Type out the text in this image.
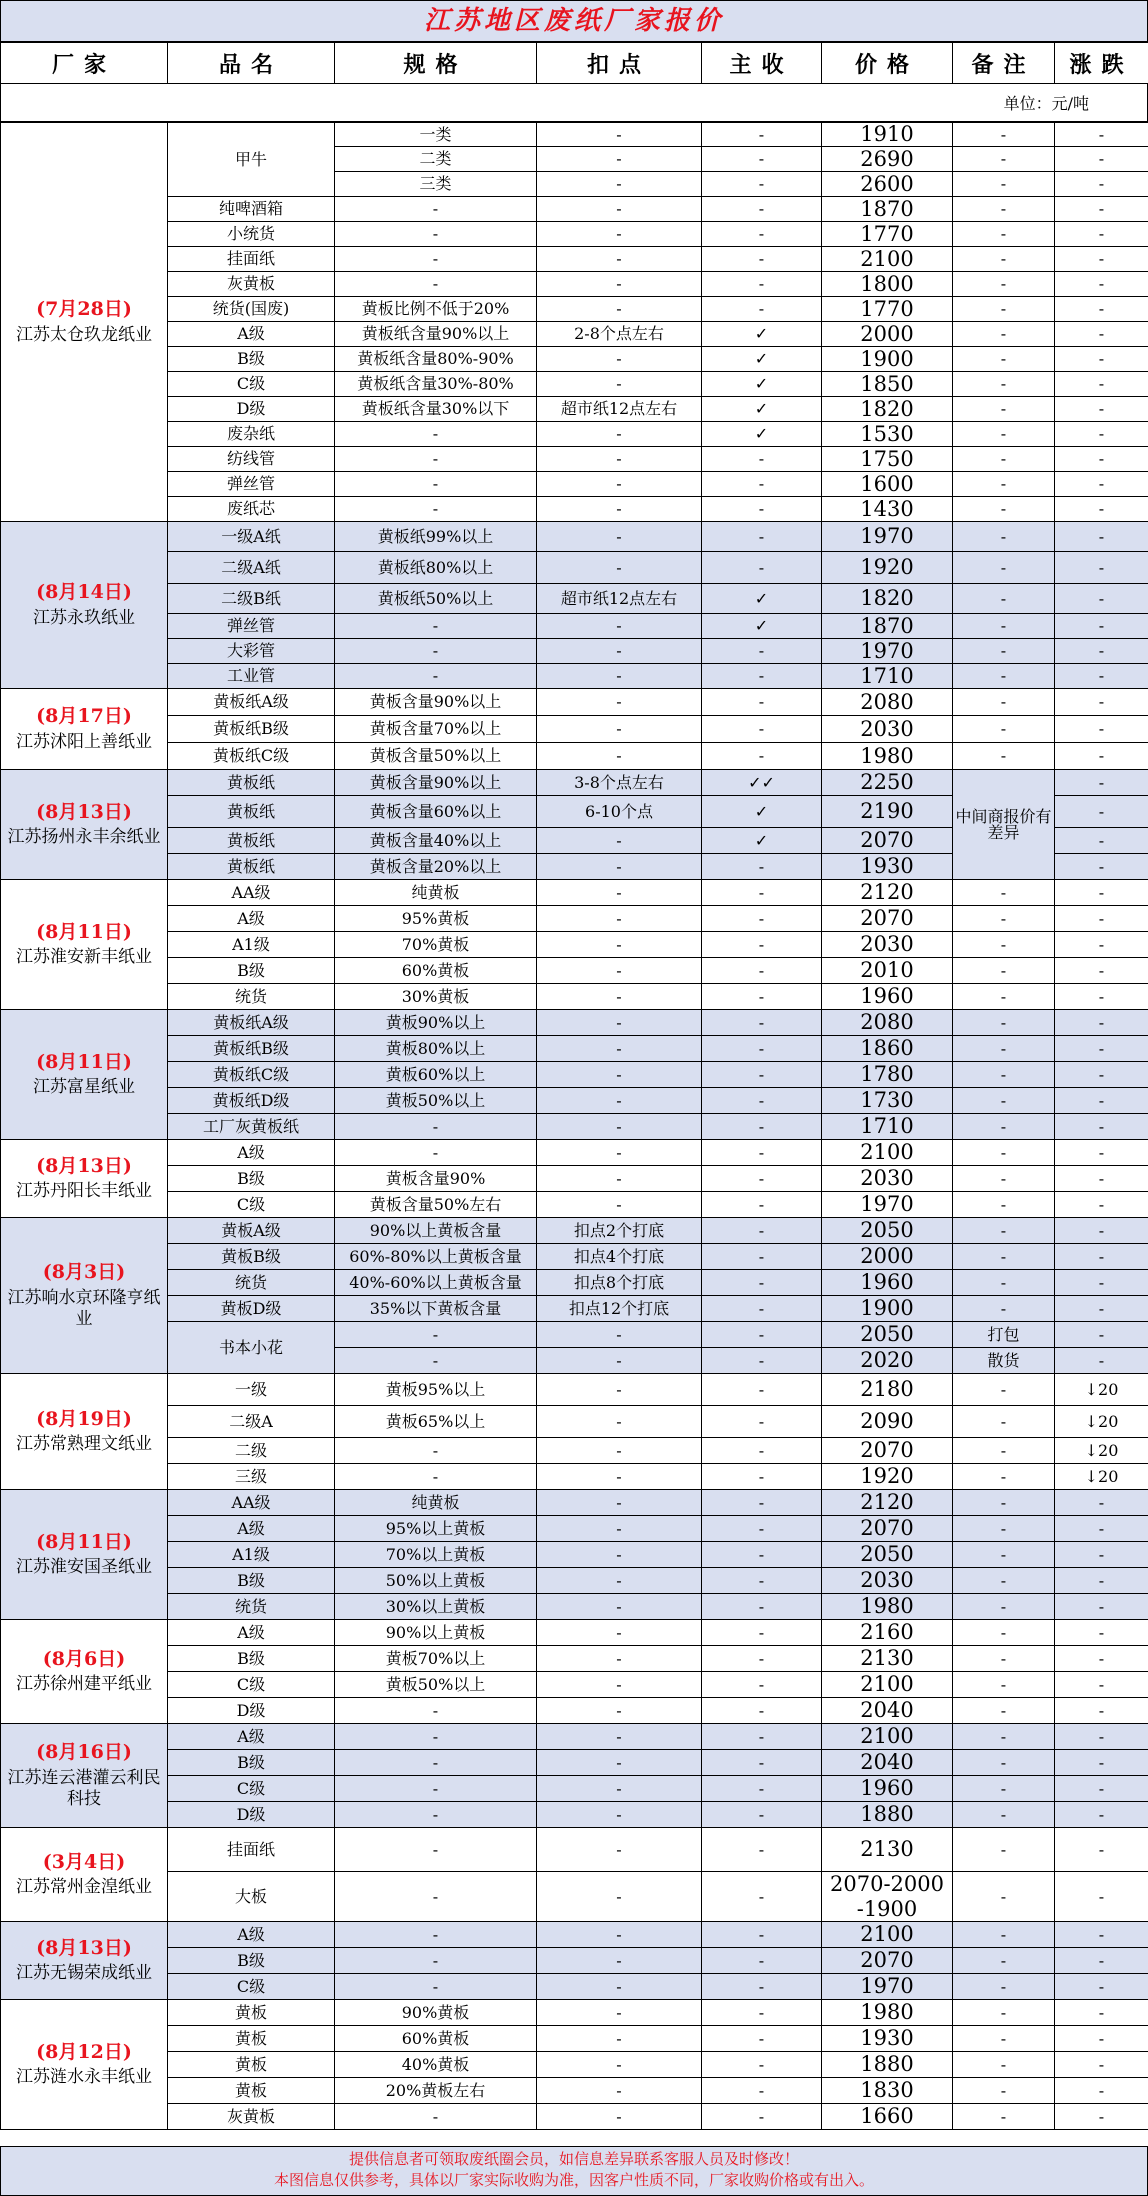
江苏地区废纸厂家报价
厂家	品名	规格	扣点	主收	价格	备注	涨跌
单位：元/吨
(7月28日)
江苏太仓玖龙纸业	甲牛	一类	-	-	1910	-	-
		二类	-	-	2690	-	-
		三类	-	-	2600	-	-
	纯啤酒箱	-	-	-	1870	-	-
	小统货	-	-	-	1770	-	-
	挂面纸	-	-	-	2100	-	-
	灰黄板	-	-	-	1800	-	-
	统货(国废)	黄板比例不低于20%	-	-	1770	-	-
	A级	黄板纸含量90%以上	2-8个点左右	✓	2000	-	-
	B级	黄板纸含量80%-90%	-	✓	1900	-	-
	C级	黄板纸含量30%-80%	-	✓	1850	-	-
	D级	黄板纸含量30%以下	超市纸12点左右	✓	1820	-	-
	废杂纸	-	-	✓	1530	-	-
	纺线管	-	-	-	1750	-	-
	弹丝管	-	-	-	1600	-	-
	废纸芯	-	-	-	1430	-	-

(8月14日)
江苏永玖纸业	一级A纸	黄板纸99%以上	-	-	1970	-	-
	二级A纸	黄板纸80%以上	-	-	1920	-	-
	二级B纸	黄板纸50%以上	超市纸12点左右	✓	1820	-	-
	弹丝管	-	-	✓	1870	-	-
	大彩管	-	-	-	1970	-	-
	工业管	-	-	-	1710	-	-

(8月17日)
江苏沭阳上善纸业	黄板纸A级	黄板含量90%以上	-	-	2080	-	-
	黄板纸B级	黄板含量70%以上	-	-	2030	-	-
	黄板纸C级	黄板含量50%以上	-	-	1980	-	-

(8月13日)
江苏扬州永丰余纸业	黄板纸	黄板含量90%以上	3-8个点左右	✓✓	2250	中间商报价有差异	-
	黄板纸	黄板含量60%以上	6-10个点	✓	2190		-
	黄板纸	黄板含量40%以上	-	✓	2070		-
	黄板纸	黄板含量20%以上	-	-	1930		-

(8月11日)
江苏淮安新丰纸业	AA级	纯黄板	-	-	2120	-	-
	A级	95%黄板	-	-	2070	-	-
	A1级	70%黄板	-	-	2030	-	-
	B级	60%黄板	-	-	2010	-	-
	统货	30%黄板	-	-	1960	-	-

(8月11日)
江苏富星纸业	黄板纸A级	黄板90%以上	-	-	2080	-	-
	黄板纸B级	黄板80%以上	-	-	1860	-	-
	黄板纸C级	黄板60%以上	-	-	1780	-	-
	黄板纸D级	黄板50%以上	-	-	1730	-	-
	工厂灰黄板纸	-	-	-	1710	-	-

(8月13日)
江苏丹阳长丰纸业	A级	-	-	-	2100	-	-
	B级	黄板含量90%	-	-	2030	-	-
	C级	黄板含量50%左右	-	-	1970	-	-

(8月3日)
江苏响水京环隆亨纸业	黄板A级	90%以上黄板含量	扣点2个打底	-	2050	-	-
	黄板B级	60%-80%以上黄板含量	扣点4个打底	-	2000	-	-
	统货	40%-60%以上黄板含量	扣点8个打底	-	1960	-	-
	黄板D级	35%以下黄板含量	扣点12个打底	-	1900	-	-
	书本小花	-	-	-	2050	打包	-
		-	-	-	2020	散货	-

(8月19日)
江苏常熟理文纸业	一级	黄板95%以上	-	-	2180	-	↓20
	二级A	黄板65%以上	-	-	2090	-	↓20
	二级	-	-	-	2070	-	↓20
	三级	-	-	-	1920	-	↓20

(8月11日)
江苏淮安国圣纸业	AA级	纯黄板	-	-	2120	-	-
	A级	95%以上黄板	-	-	2070	-	-
	A1级	70%以上黄板	-	-	2050	-	-
	B级	50%以上黄板	-	-	2030	-	-
	统货	30%以上黄板	-	-	1980	-	-

(8月6日)
江苏徐州建平纸业	A级	90%以上黄板	-	-	2160	-	-
	B级	黄板70%以上	-	-	2130	-	-
	C级	黄板50%以上	-	-	2100	-	-
	D级	-	-	-	2040	-	-

(8月16日)
江苏连云港灌云利民科技	A级	-	-	-	2100	-	-
	B级	-	-	-	2040	-	-
	C级	-	-	-	1960	-	-
	D级	-	-	-	1880	-	-

(3月4日)
江苏常州金湟纸业	挂面纸	-	-	-	2130	-	-
	大板	-	-	-	2070-2000-1900	-	-

(8月13日)
江苏无锡荣成纸业	A级	-	-	-	2100	-	-
	B级	-	-	-	2070	-	-
	C级	-	-	-	1970	-	-

(8月12日)
江苏涟水永丰纸业	黄板	90%黄板	-	-	1980	-	-
	黄板	60%黄板	-	-	1930	-	-
	黄板	40%黄板	-	-	1880	-	-
	黄板	20%黄板左右	-	-	1830	-	-
	灰黄板	-	-	-	1660	-	-
提供信息者可领取废纸圈会员，如信息差异联系客服人员及时修改！
本图信息仅供参考，具体以厂家实际收购为准，因客户性质不同，厂家收购价格或有出入。
